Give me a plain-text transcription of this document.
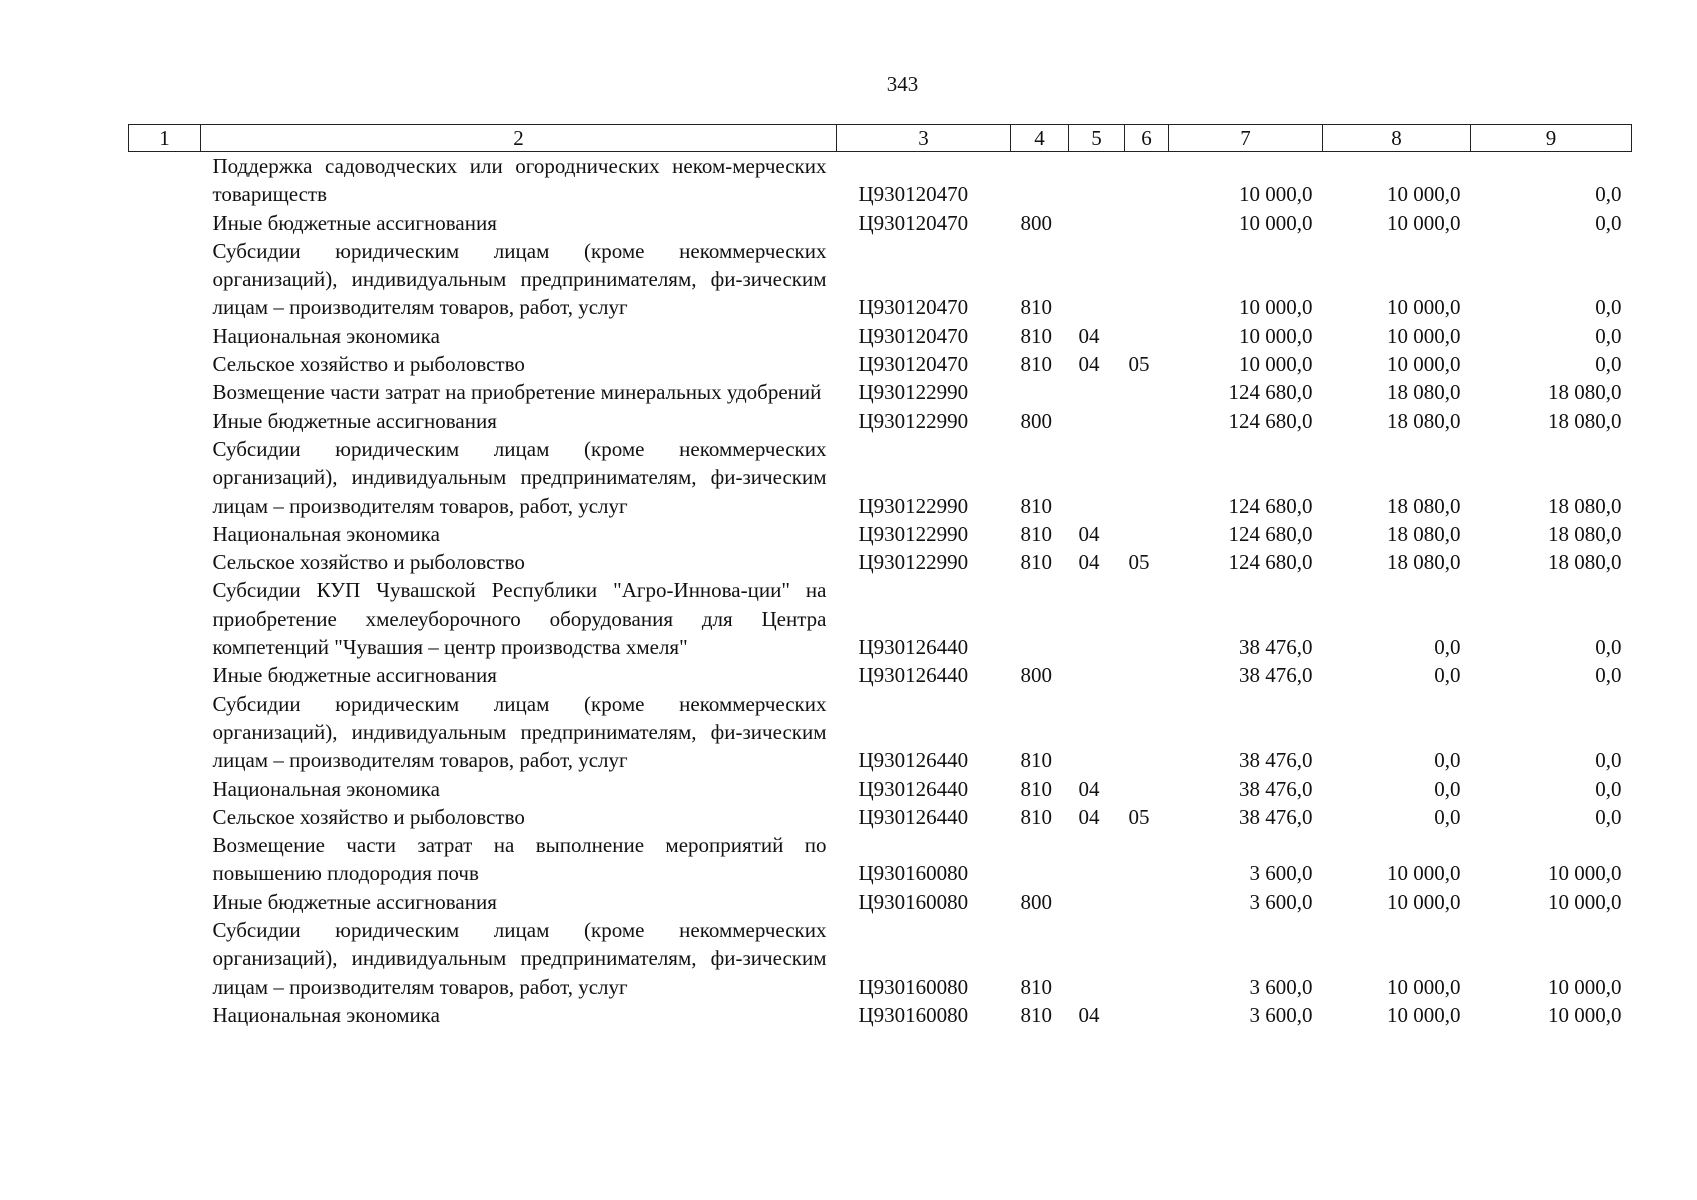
343
1	2	3	4	5	6	7	8	9
	Поддержка садоводческих или огороднических неком-мерческих товариществ	Ц930120470				10 000,0	10 000,0	0,0
	Иные бюджетные ассигнования	Ц930120470	800			10 000,0	10 000,0	0,0
	Субсидии юридическим лицам (кроме некоммерческих организаций), индивидуальным предпринимателям, фи-зическим лицам – производителям товаров, работ, услуг	Ц930120470	810			10 000,0	10 000,0	0,0
	Национальная экономика	Ц930120470	810	04		10 000,0	10 000,0	0,0
	Сельское хозяйство и рыболовство	Ц930120470	810	04	05	10 000,0	10 000,0	0,0
	Возмещение части затрат на приобретение минеральных удобрений	Ц930122990				124 680,0	18 080,0	18 080,0
	Иные бюджетные ассигнования	Ц930122990	800			124 680,0	18 080,0	18 080,0
	Субсидии юридическим лицам (кроме некоммерческих организаций), индивидуальным предпринимателям, фи-зическим лицам – производителям товаров, работ, услуг	Ц930122990	810			124 680,0	18 080,0	18 080,0
	Национальная экономика	Ц930122990	810	04		124 680,0	18 080,0	18 080,0
	Сельское хозяйство и рыболовство	Ц930122990	810	04	05	124 680,0	18 080,0	18 080,0
	Субсидии КУП Чувашской Республики "Агро-Иннова-ции" на приобретение хмелеуборочного оборудования для Центра компетенций "Чувашия – центр производства хмеля"	Ц930126440				38 476,0	0,0	0,0
	Иные бюджетные ассигнования	Ц930126440	800			38 476,0	0,0	0,0
	Субсидии юридическим лицам (кроме некоммерческих организаций), индивидуальным предпринимателям, фи-зическим лицам – производителям товаров, работ, услуг	Ц930126440	810			38 476,0	0,0	0,0
	Национальная экономика	Ц930126440	810	04		38 476,0	0,0	0,0
	Сельское хозяйство и рыболовство	Ц930126440	810	04	05	38 476,0	0,0	0,0
	Возмещение части затрат на выполнение мероприятий по повышению плодородия почв	Ц930160080				3 600,0	10 000,0	10 000,0
	Иные бюджетные ассигнования	Ц930160080	800			3 600,0	10 000,0	10 000,0
	Субсидии юридическим лицам (кроме некоммерческих организаций), индивидуальным предпринимателям, фи-зическим лицам – производителям товаров, работ, услуг	Ц930160080	810			3 600,0	10 000,0	10 000,0
	Национальная экономика	Ц930160080	810	04		3 600,0	10 000,0	10 000,0
